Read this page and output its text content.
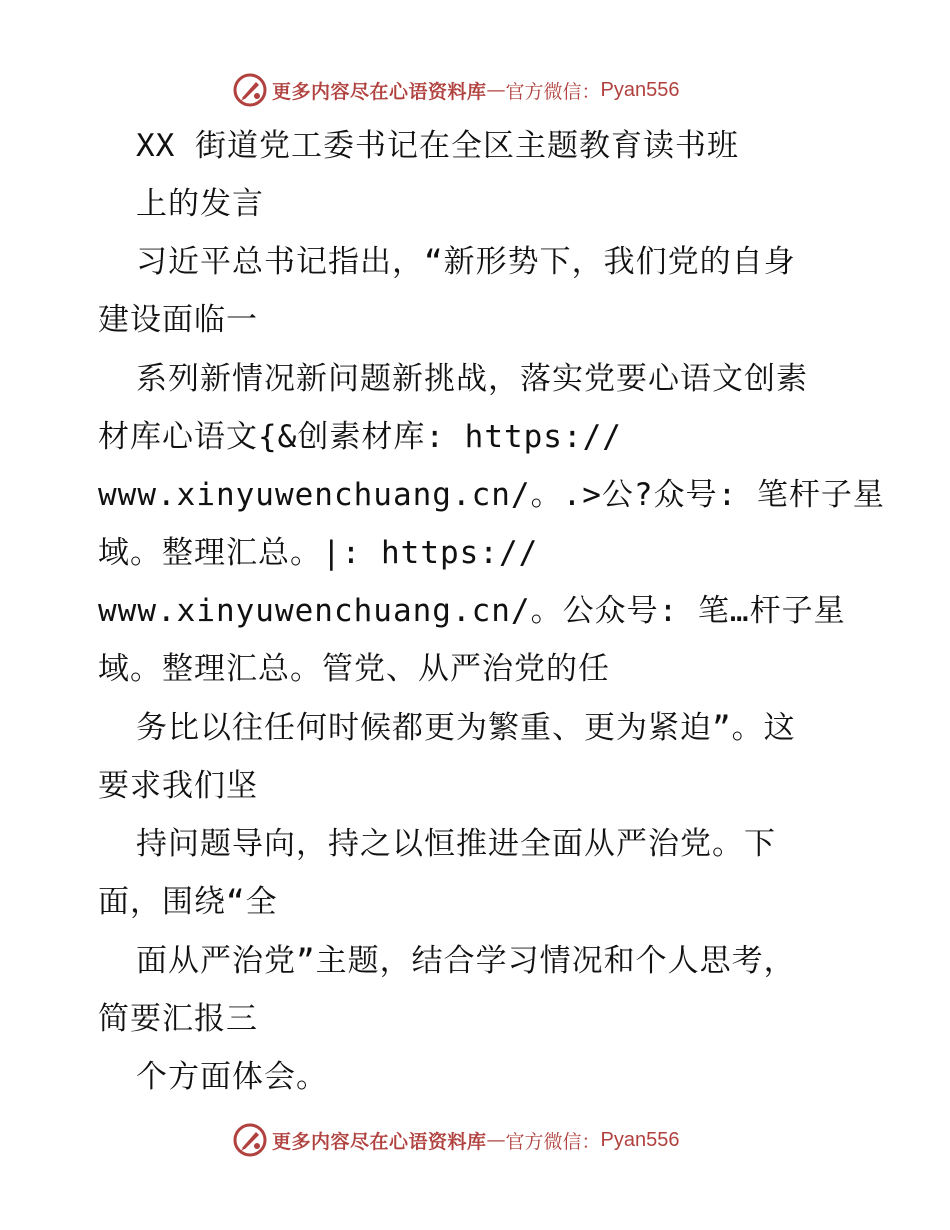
更多内容尽在心语资料库 — 官方微信： Pyan556
XX 街道党工委书记在全区主题教育读书班
上的发言
习近平总书记指出，“新形势下，我们党的自身
建设面临一
系列新情况新问题新挑战，落实党要心语文创素
材库心语文{&创素材库: https://
www.xinyuwenchuang.cn/。.>公?众号: 笔杆子星
域。整理汇总。|: https://
www.xinyuwenchuang.cn/。公众号: 笔…杆子星
域。整理汇总。管党、从严治党的任
务比以往任何时候都更为繁重、更为紧迫”。这
要求我们坚
持问题导向，持之以恒推进全面从严治党。下
面，围绕“全
面从严治党”主题，结合学习情况和个人思考，
简要汇报三
个方面体会。
更多内容尽在心语资料库 — 官方微信： Pyan556
